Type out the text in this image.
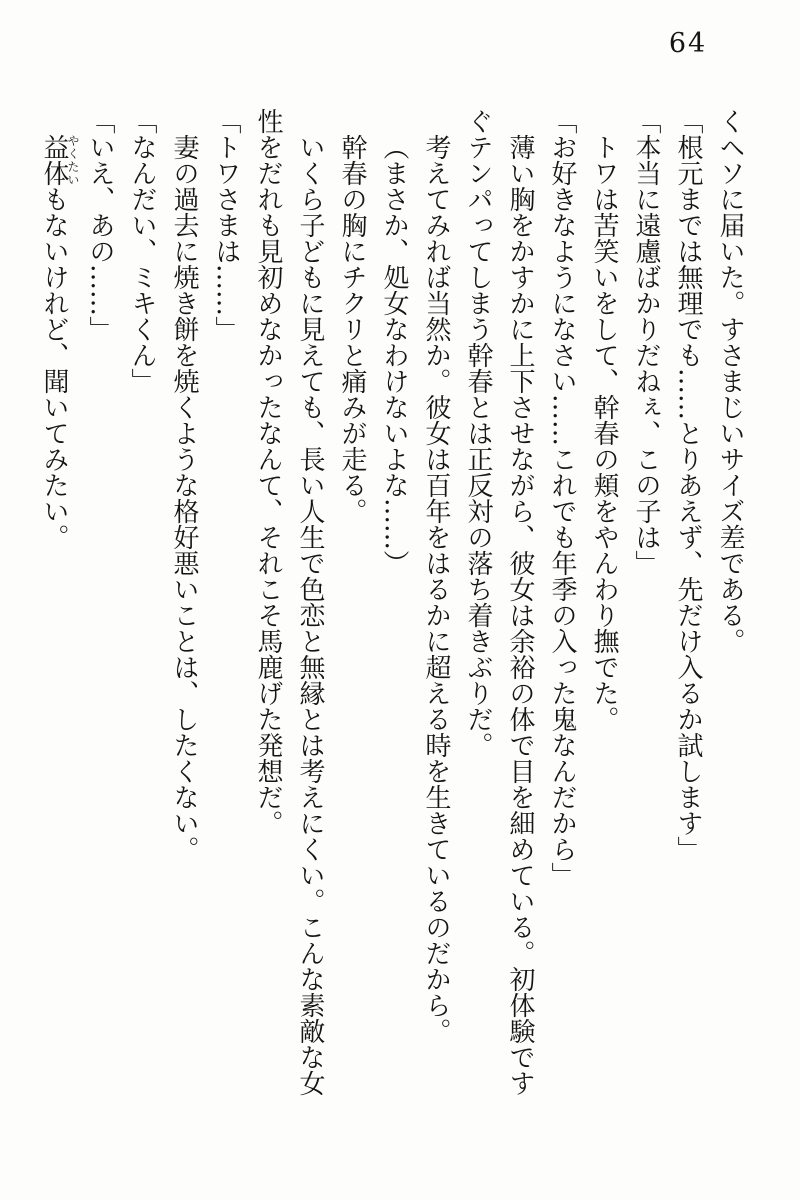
64

くヘソに届いた。すさまじいサイズ差である。

「根元までは無理でも……とりあえず、先だけ入るか試します」

「本当に遠慮ばかりだねぇ、この子は」

トワは苦笑いをして、幹春の頬をやんわり撫でた。

「お好きなようになさい……これでも年季の入った鬼なんだから」

薄い胸をかすかに上下させながら、彼女は余裕の体で目を細めている。初体験ですぐテンパってしまう幹春とは正反対の落ち着きぶりだ。

考えてみれば当然か。彼女は百年をはるかに超える時を生きているのだから。

（まさか、処女なわけないよな……）

幹春の胸にチクリと痛みが走る。

いくら子どもに見えても、長い人生で色恋と無縁とは考えにくい。こんな素敵な女性をだれも見初めなかったなんて、それこそ馬鹿げた発想だ。

「トワさまは……」

妻の過去に焼き餅を焼くような格好悪いことは、したくない。

「なんだい、ミキくん」

「いえ、あの……」

益体やくたいもないけれど、聞いてみたい。
